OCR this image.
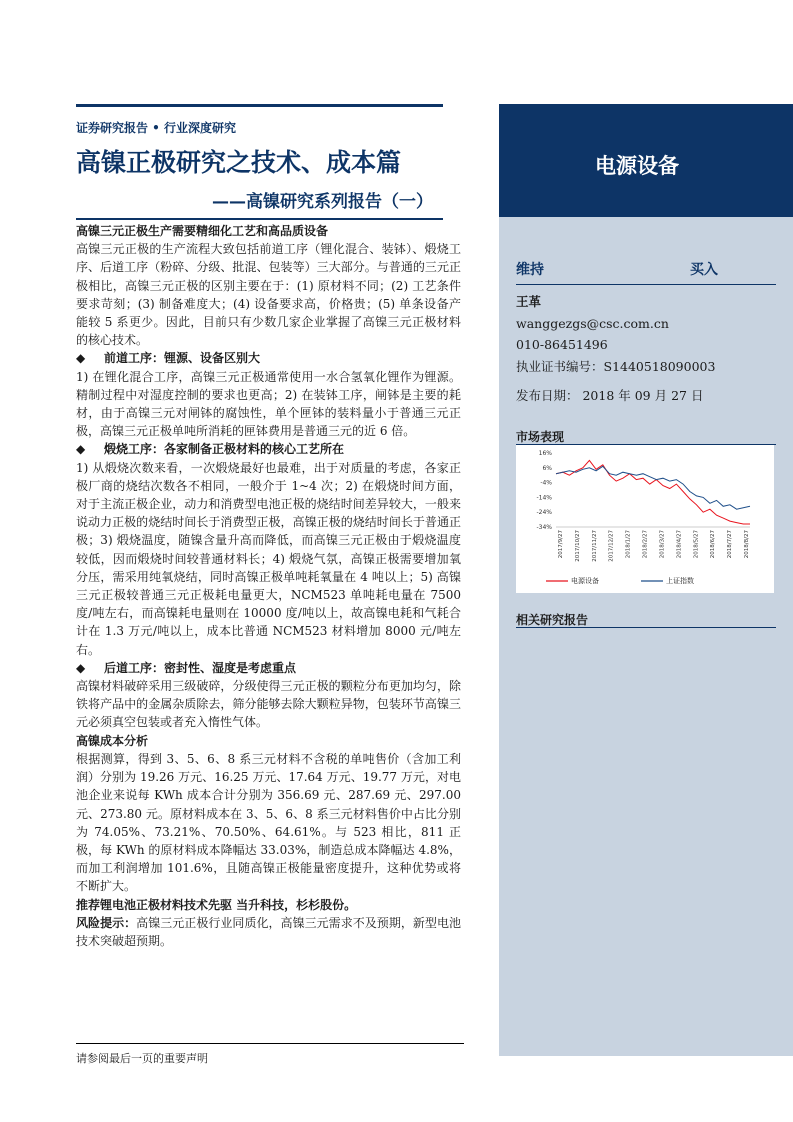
证券研究报告 • 行业深度研究
高镍正极研究之技术、成本篇
——高镍研究系列报告（一）

高镍三元正极生产需要精细化工艺和高品质设备

高镍三元正极的生产流程大致包括前道工序（锂化混合、装钵）、煅烧工序、后道工序（粉碎、分级、批混、包装等）三大部分。与普通的三元正极相比，高镍三元正极的区别主要在于：(1) 原材料不同；(2) 工艺条件要求苛刻；(3) 制备难度大；(4) 设备要求高，价格贵；(5) 单条设备产能较 5 系更少。因此，目前只有少数几家企业掌握了高镍三元正极材料的核心技术。

◆ 前道工序：锂源、设备区别大

1) 在锂化混合工序，高镍三元正极通常使用一水合氢氧化锂作为锂源。精制过程中对湿度控制的要求也更高；2) 在装钵工序，闸钵是主要的耗材，由于高镍三元对闸钵的腐蚀性，单个匣钵的装料量小于普通三元正极，高镍三元正极单吨所消耗的匣钵费用是普通三元的近 6 倍。

◆ 煅烧工序：各家制备正极材料的核心工艺所在

1) 从煅烧次数来看，一次煅烧最好也最难，出于对质量的考虑，各家正极厂商的烧结次数各不相同，一般介于 1~4 次；2) 在煅烧时间方面，对于主流正极企业，动力和消费型电池正极的烧结时间差异较大，一般来说动力正极的烧结时间长于消费型正极，高镍正极的烧结时间长于普通正极；3) 煅烧温度，随镍含量升高而降低，而高镍三元正极由于煅烧温度较低，因而煅烧时间较普通材料长；4) 煅烧气氛，高镍正极需要增加氧分压，需采用纯氧烧结，同时高镍正极单吨耗氧量在 4 吨以上；5) 高镍三元正极较普通三元正极耗电量更大，NCM523 单吨耗电量在 7500 度/吨左右，而高镍耗电量则在 10000 度/吨以上，故高镍电耗和气耗合计在 1.3 万元/吨以上，成本比普通 NCM523 材料增加 8000 元/吨左右。

◆ 后道工序：密封性、湿度是考虑重点

高镍材料破碎采用三级破碎，分级使得三元正极的颗粒分布更加均匀，除铁将产品中的金属杂质除去，筛分能够去除大颗粒异物，包装环节高镍三元必须真空包装或者充入惰性气体。

高镍成本分析

根据测算，得到 3、5、6、8 系三元材料不含税的单吨售价（含加工利润）分别为 19.26 万元、16.25 万元、17.64 万元、19.77 万元，对电池企业来说每 KWh 成本合计分别为 356.69 元、287.69 元、297.00 元、273.80 元。原材料成本在 3、5、6、8 系三元材料售价中占比分别为 74.05%、73.21%、70.50%、64.61%。与 523 相比，811 正极，每 KWh 的原材料成本降幅达 33.03%，制造总成本降幅达 4.8%，而加工利润增加 101.6%，且随高镍正极能量密度提升，这种优势或将不断扩大。

推荐锂电池正极材料技术先驱 当升科技，杉杉股份。

风险提示：高镍三元正极行业同质化，高镍三元需求不及预期，新型电池技术突破超预期。

电源设备
维持	买入
王革
wanggezgs@csc.com.cn
010-86451496
执业证书编号：S1440518090003
发布日期： 2018 年 09 月 27 日
市场表现
16%
6%
-4%
-14%
-24%
-34%
2017/9/27 2017/10/27 2017/11/27 2017/12/27 2018/1/27 2018/2/27 2018/3/27 2018/4/27 2018/5/27 2018/6/27 2018/7/27 2018/8/27
电源设备	上证指数
相关研究报告
请参阅最后一页的重要声明
